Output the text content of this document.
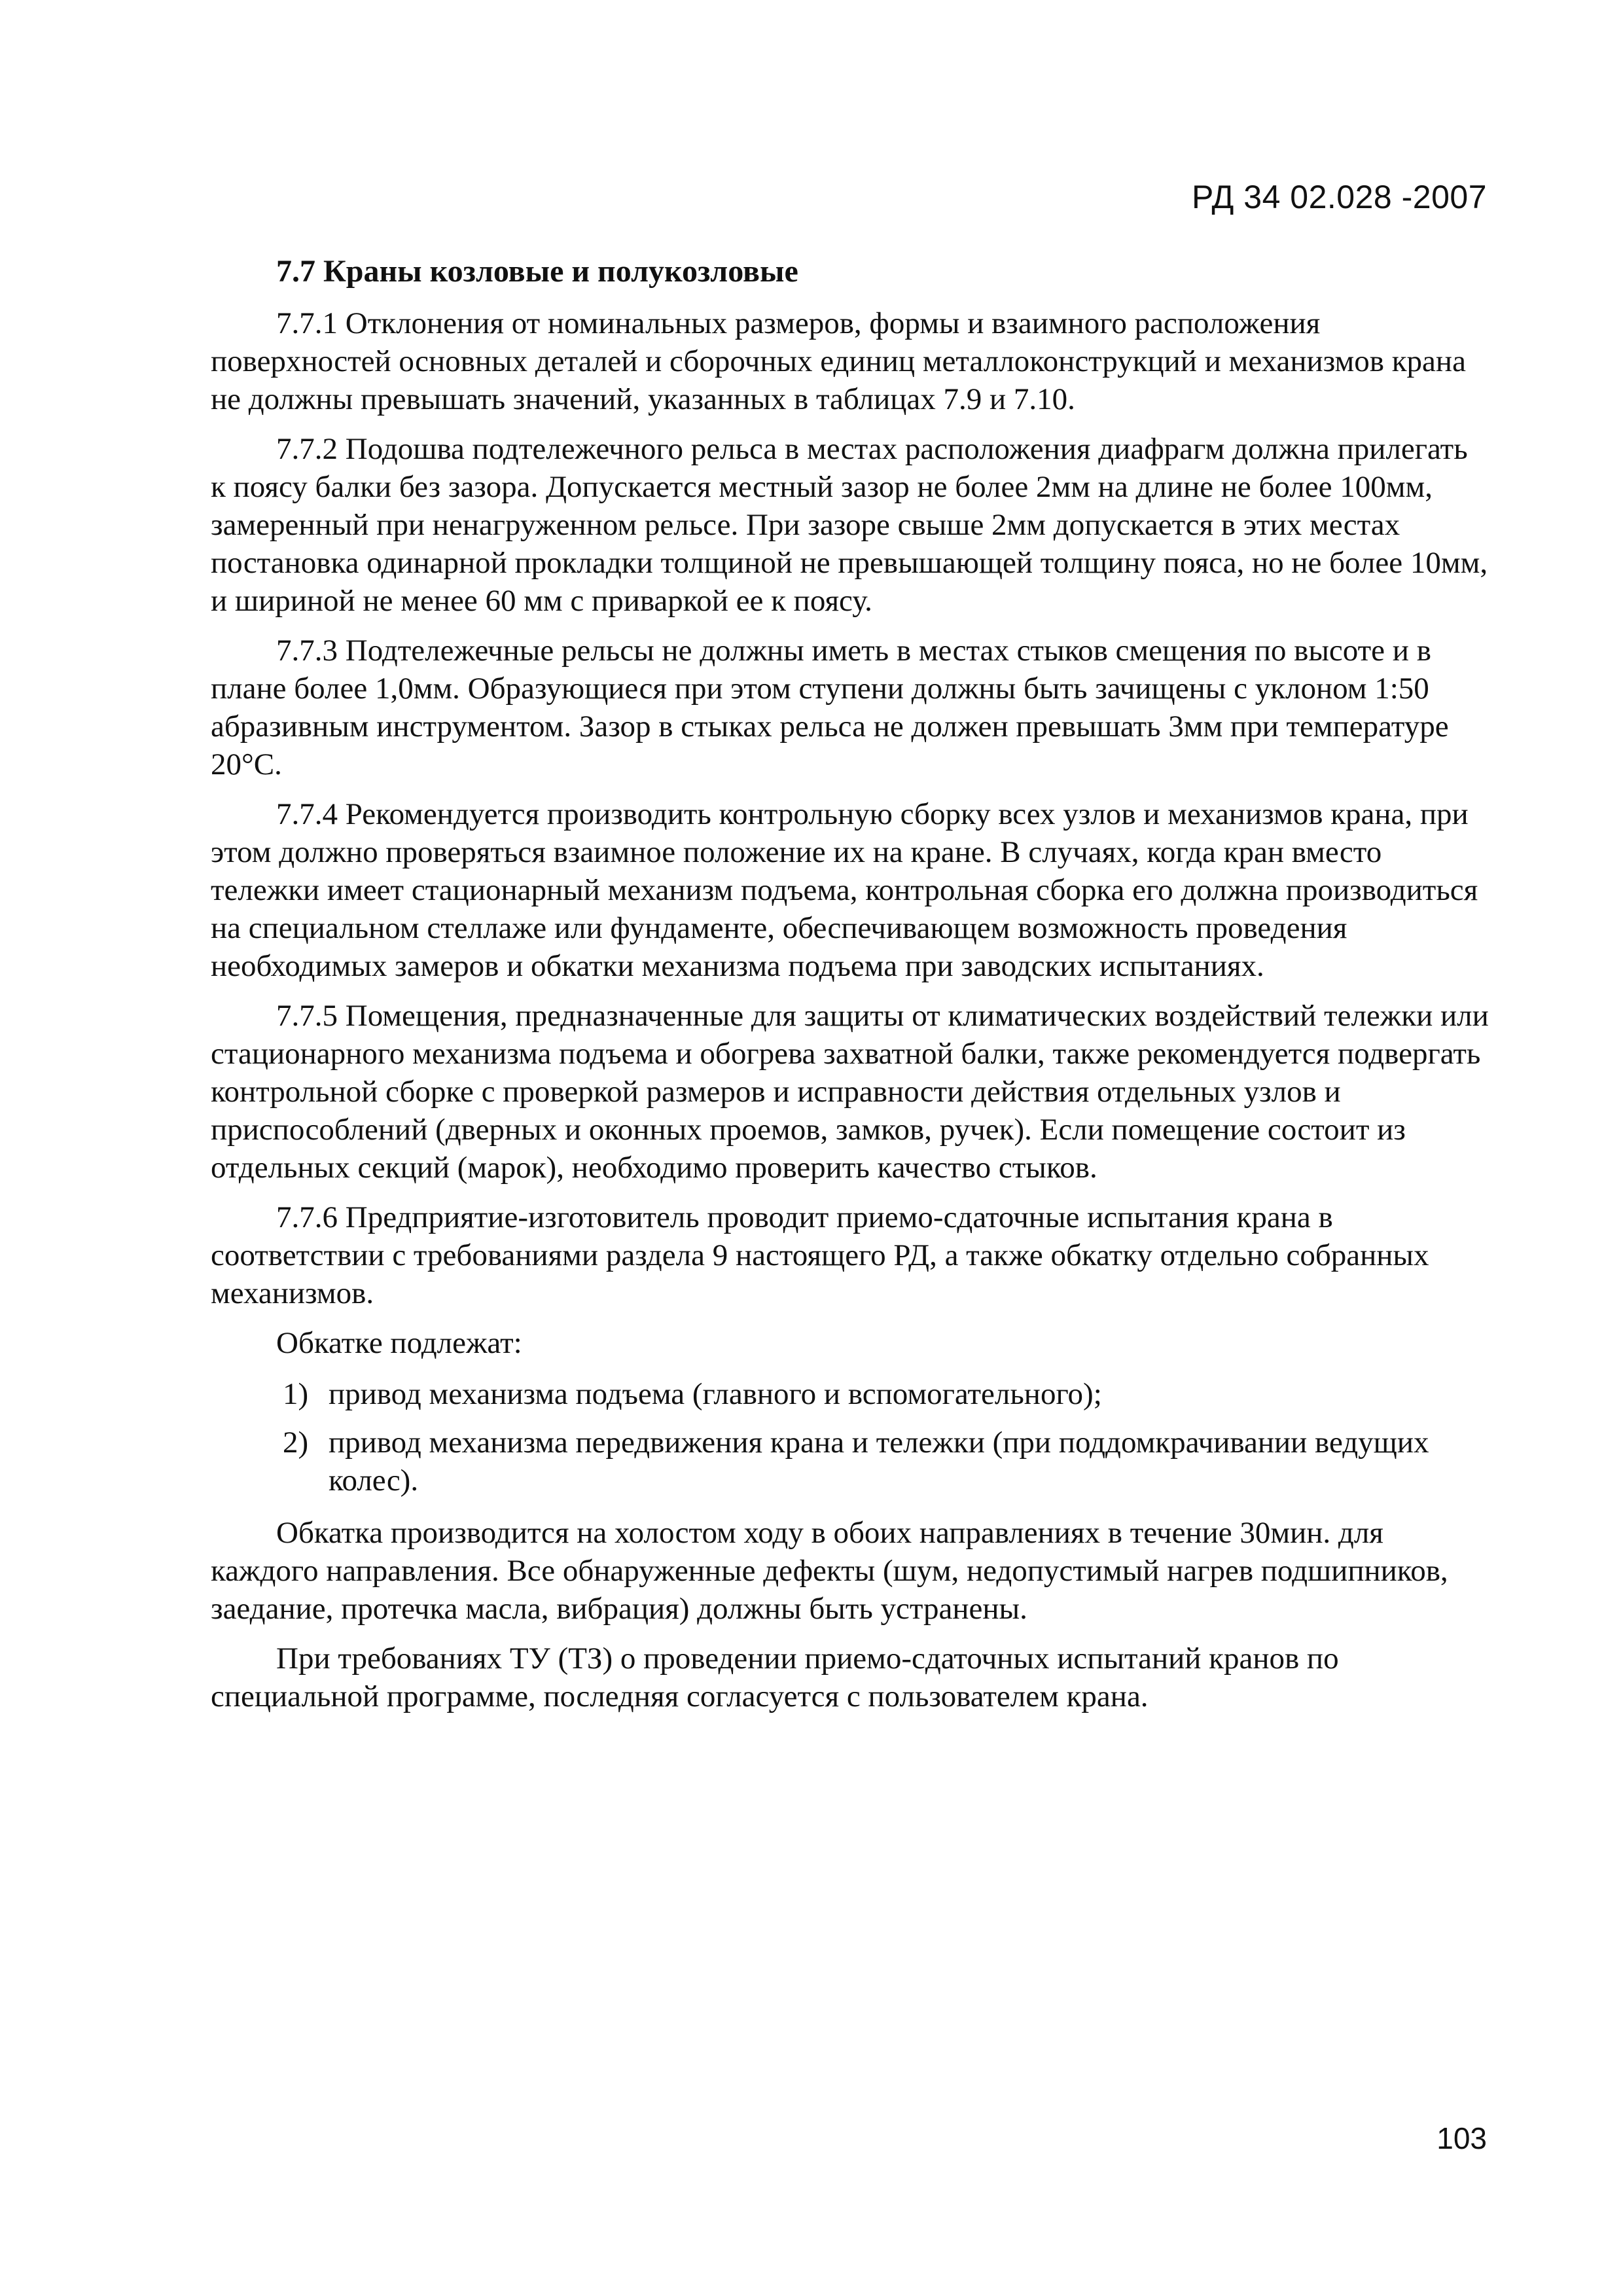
РД 34 02.028 -2007
7.7 Краны козловые и полукозловые

7.7.1 Отклонения от номинальных размеров, формы и взаимного расположения поверхностей основных деталей и сборочных единиц металлоконструкций и механизмов крана не должны превышать значений, указанных в таблицах 7.9 и 7.10.

7.7.2 Подошва подтележечного рельса в местах расположения диафрагм должна прилегать к поясу балки без зазора. Допускается местный зазор не более 2мм на длине не более 100мм, замеренный при ненагруженном рельсе. При зазоре свыше 2мм допускается в этих местах постановка одинарной прокладки толщиной не превышающей толщину пояса, но не более 10мм, и шириной не менее 60 мм с приваркой ее к поясу.

7.7.3 Подтележечные рельсы не должны иметь в местах стыков смещения по высоте и в плане более 1,0мм. Образующиеся при этом ступени должны быть зачищены с уклоном 1:50 абразивным инструментом. Зазор в стыках рельса не должен превышать 3мм при температуре 20°C.

7.7.4 Рекомендуется производить контрольную сборку всех узлов и механизмов крана, при этом должно проверяться взаимное положение их на кране. В случаях, когда кран вместо тележки имеет стационарный механизм подъема, контрольная сборка его должна производиться на специальном стеллаже или фундаменте, обеспечивающем возможность проведения необходимых замеров и обкатки механизма подъема при заводских испытаниях.

7.7.5 Помещения, предназначенные для защиты от климатических воздействий тележки или стационарного механизма подъема и обогрева захватной балки, также рекомендуется подвергать контрольной сборке с проверкой размеров и исправности действия отдельных узлов и приспособлений (дверных и оконных проемов, замков, ручек). Если помещение состоит из отдельных секций (марок), необходимо проверить качество стыков.

7.7.6 Предприятие-изготовитель проводит приемо-сдаточные испытания крана в соответствии с требованиями раздела 9 настоящего РД, а также обкатку отдельно собранных механизмов.

Обкатке подлежат:

1) привод механизма подъема (главного и вспомогательного);
2) привод механизма передвижения крана и тележки (при поддомкрачивании ведущих колес).

Обкатка производится на холостом ходу в обоих направлениях в течение 30мин. для каждого направления. Все обнаруженные дефекты (шум, недопустимый нагрев подшипников, заедание, протечка масла, вибрация) должны быть устранены.

При требованиях ТУ (ТЗ) о проведении приемо-сдаточных испытаний кранов по специальной программе, последняя согласуется с пользователем крана.

103
